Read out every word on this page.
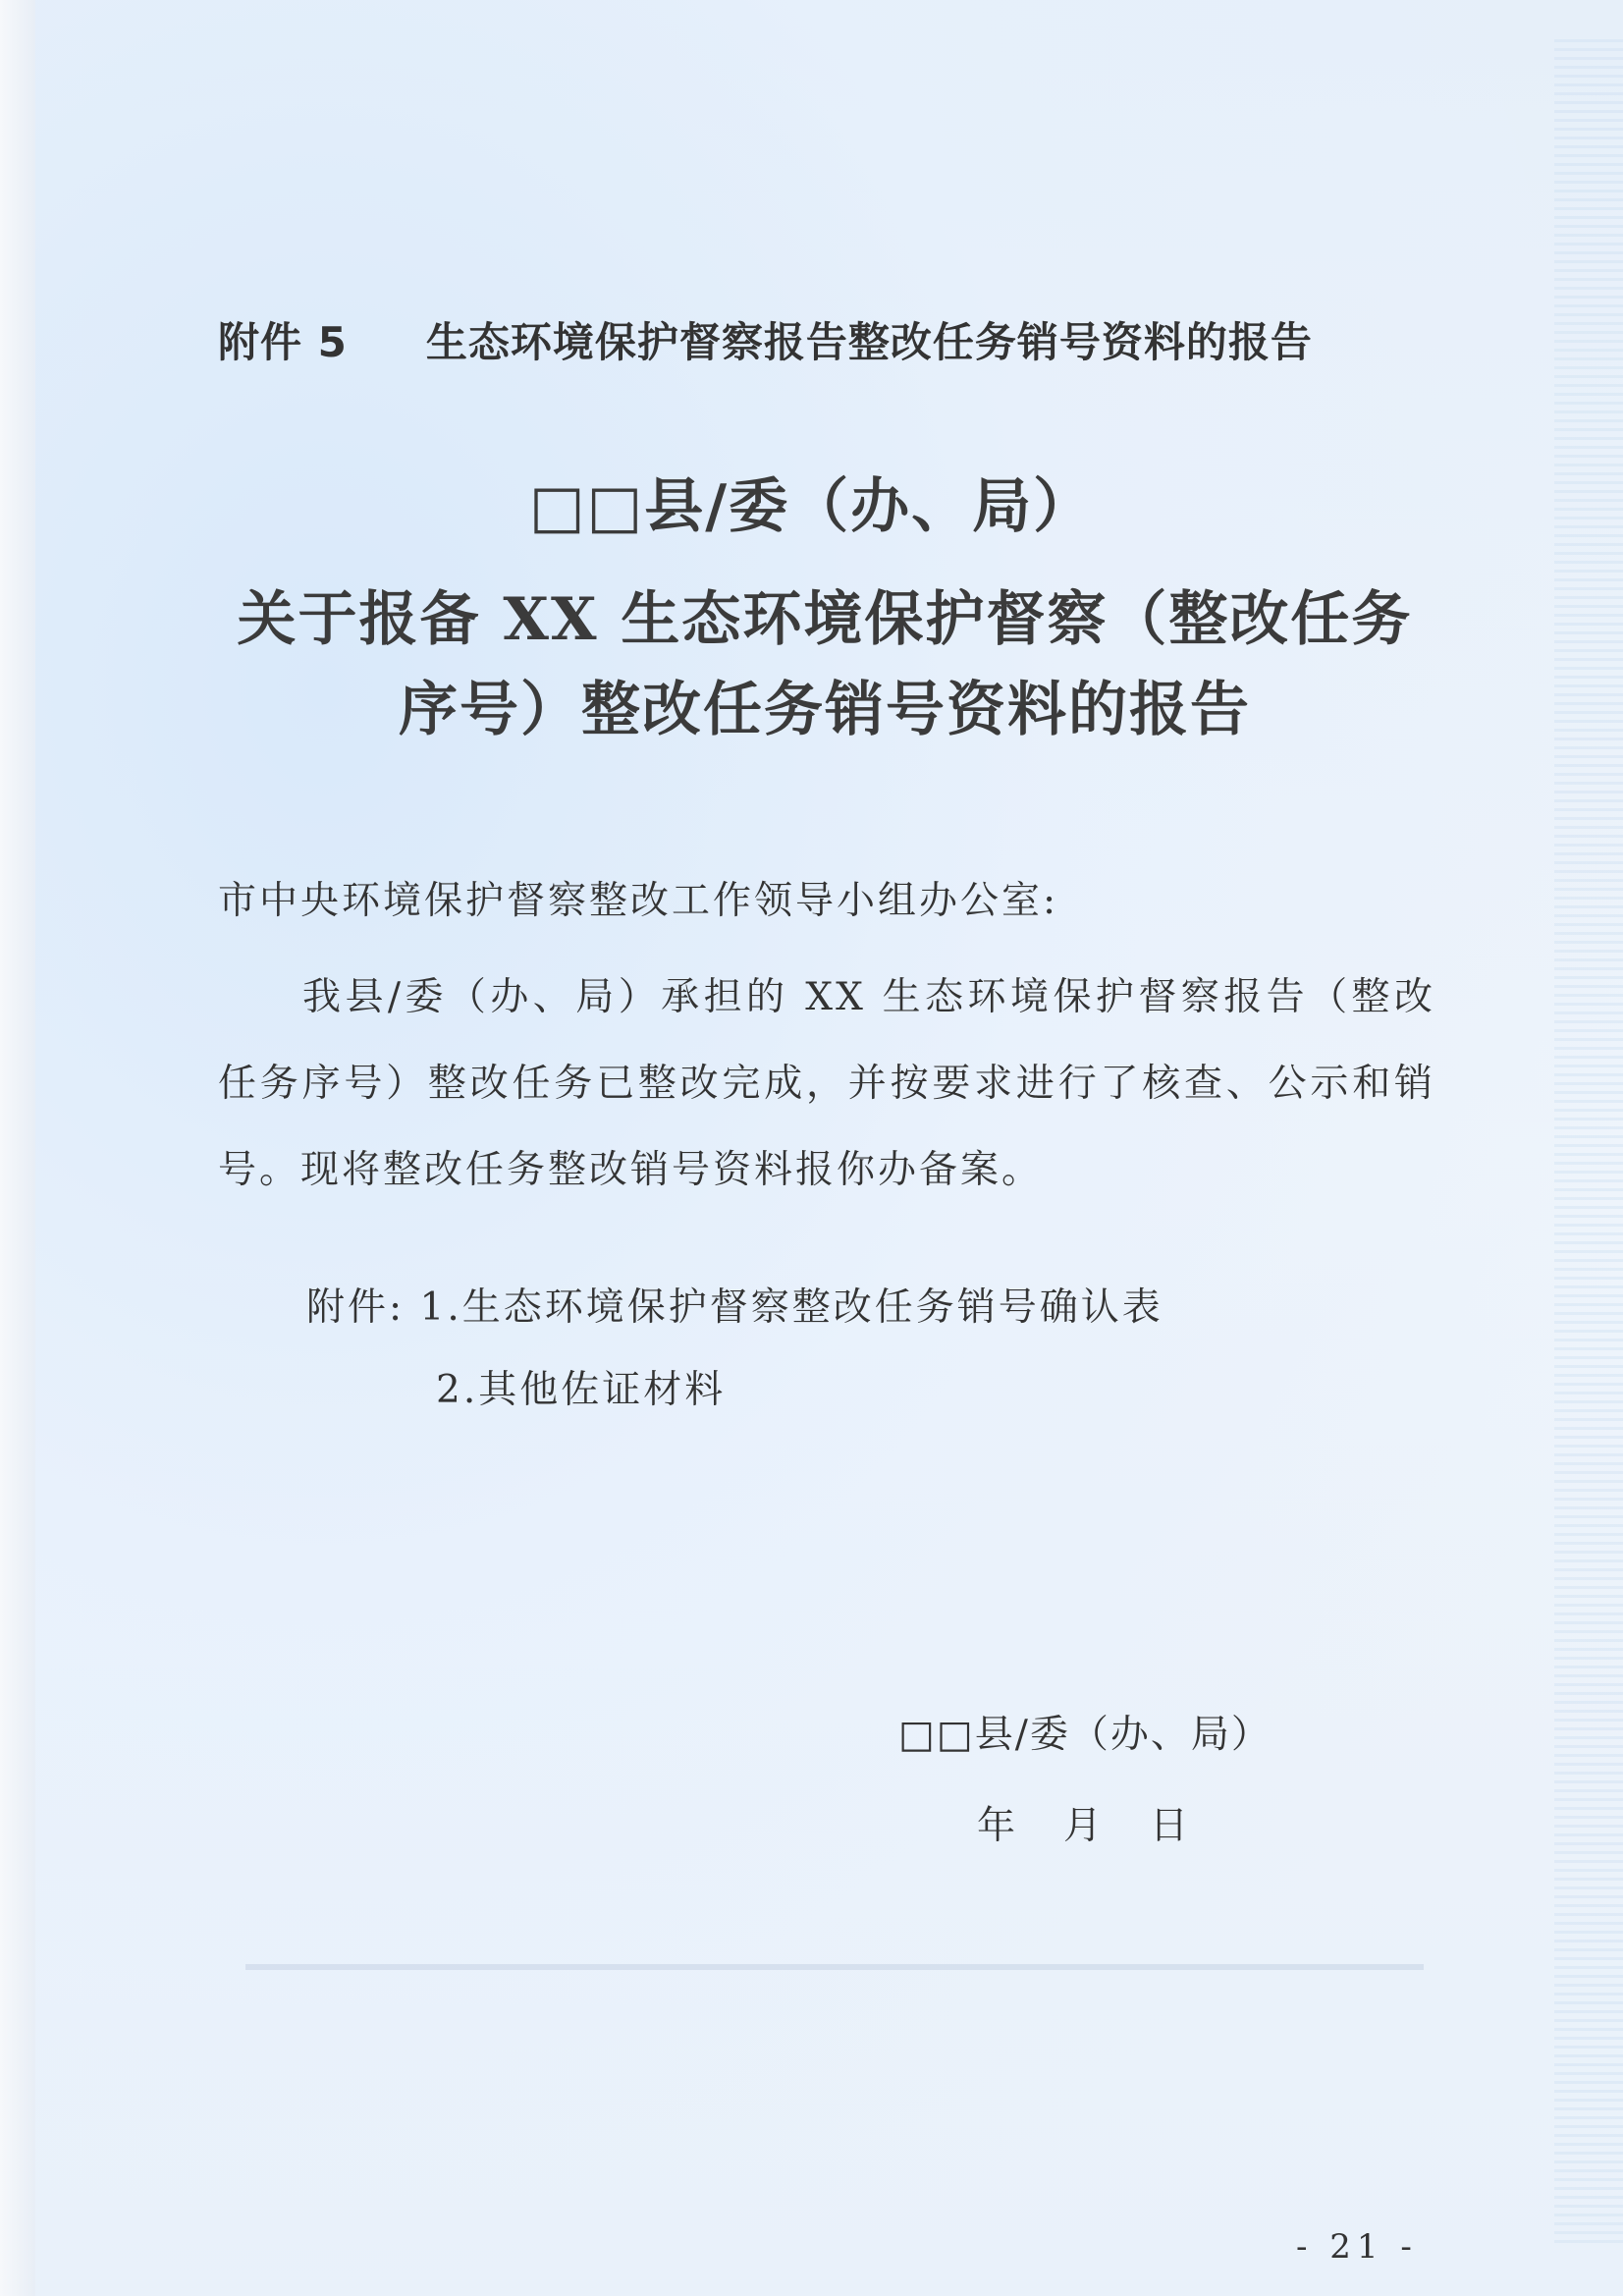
附件 5 生态环境保护督察报告整改任务销号资料的报告
□□县/委（办、局）
关于报备 XX 生态环境保护督察（整改任务序号）整改任务销号资料的报告
市中央环境保护督察整改工作领导小组办公室:
我县/委（办、局）承担的 XX 生态环境保护督察报告（整改任务序号）整改任务已整改完成，并按要求进行了核查、公示和销号。现将整改任务整改销号资料报你办备案。
附件: 1.生态环境保护督察整改任务销号确认表
2.其他佐证材料
□□县/委（办、局）
年 月 日
- 21 -
